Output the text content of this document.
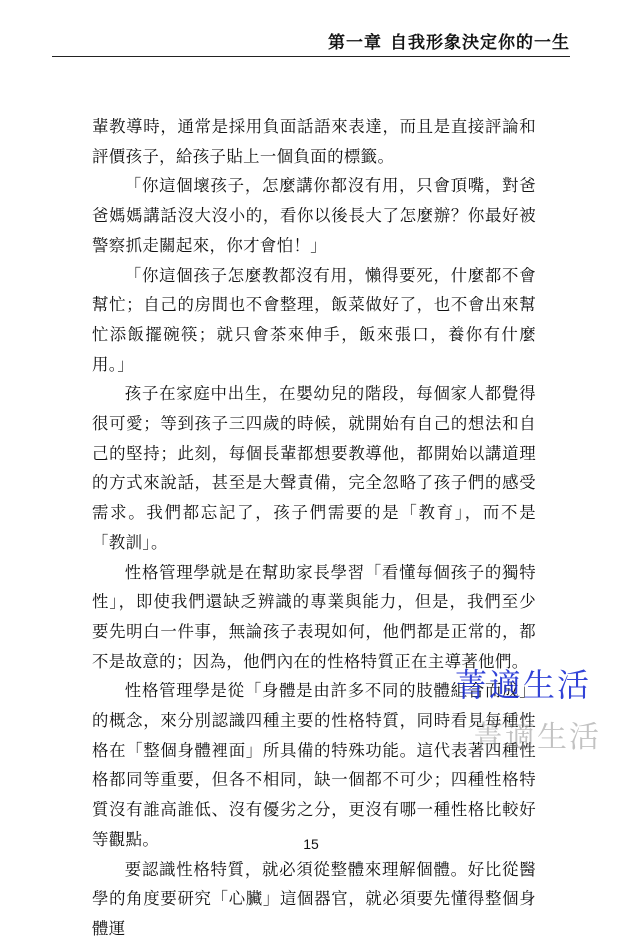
第一章 自我形象決定你的一生

輩教導時，通常是採用負面話語來表達，而且是直接評論和評價孩子，給孩子貼上一個負面的標籤。

「你這個壞孩子，怎麼講你都沒有用，只會頂嘴，對爸爸媽媽講話沒大沒小的，看你以後長大了怎麼辦？你最好被警察抓走關起來，你才會怕！」

「你這個孩子怎麼教都沒有用，懶得要死，什麼都不會幫忙；自己的房間也不會整理，飯菜做好了，也不會出來幫忙添飯擺碗筷；就只會茶來伸手，飯來張口，養你有什麼用。」

孩子在家庭中出生，在嬰幼兒的階段，每個家人都覺得很可愛；等到孩子三四歲的時候，就開始有自己的想法和自己的堅持；此刻，每個長輩都想要教導他，都開始以講道理的方式來說話，甚至是大聲責備，完全忽略了孩子們的感受需求。我們都忘記了，孩子們需要的是「教育」，而不是「教訓」。

性格管理學就是在幫助家長學習「看懂每個孩子的獨特性」，即使我們還缺乏辨識的專業與能力，但是，我們至少要先明白一件事，無論孩子表現如何，他們都是正常的，都不是故意的；因為，他們內在的性格特質正在主導著他們。

性格管理學是從「身體是由許多不同的肢體組合而成」的概念，來分別認識四種主要的性格特質，同時看見每種性格在「整個身體裡面」所具備的特殊功能。這代表著四種性格都同等重要，但各不相同，缺一個都不可少；四種性格特質沒有誰高誰低、沒有優劣之分，更沒有哪一種性格比較好等觀點。

要認識性格特質，就必須從整體來理解個體。好比從醫學的角度要研究「心臟」這個器官，就必須要先懂得整個身體運

菁適生活
菁適生活
15
